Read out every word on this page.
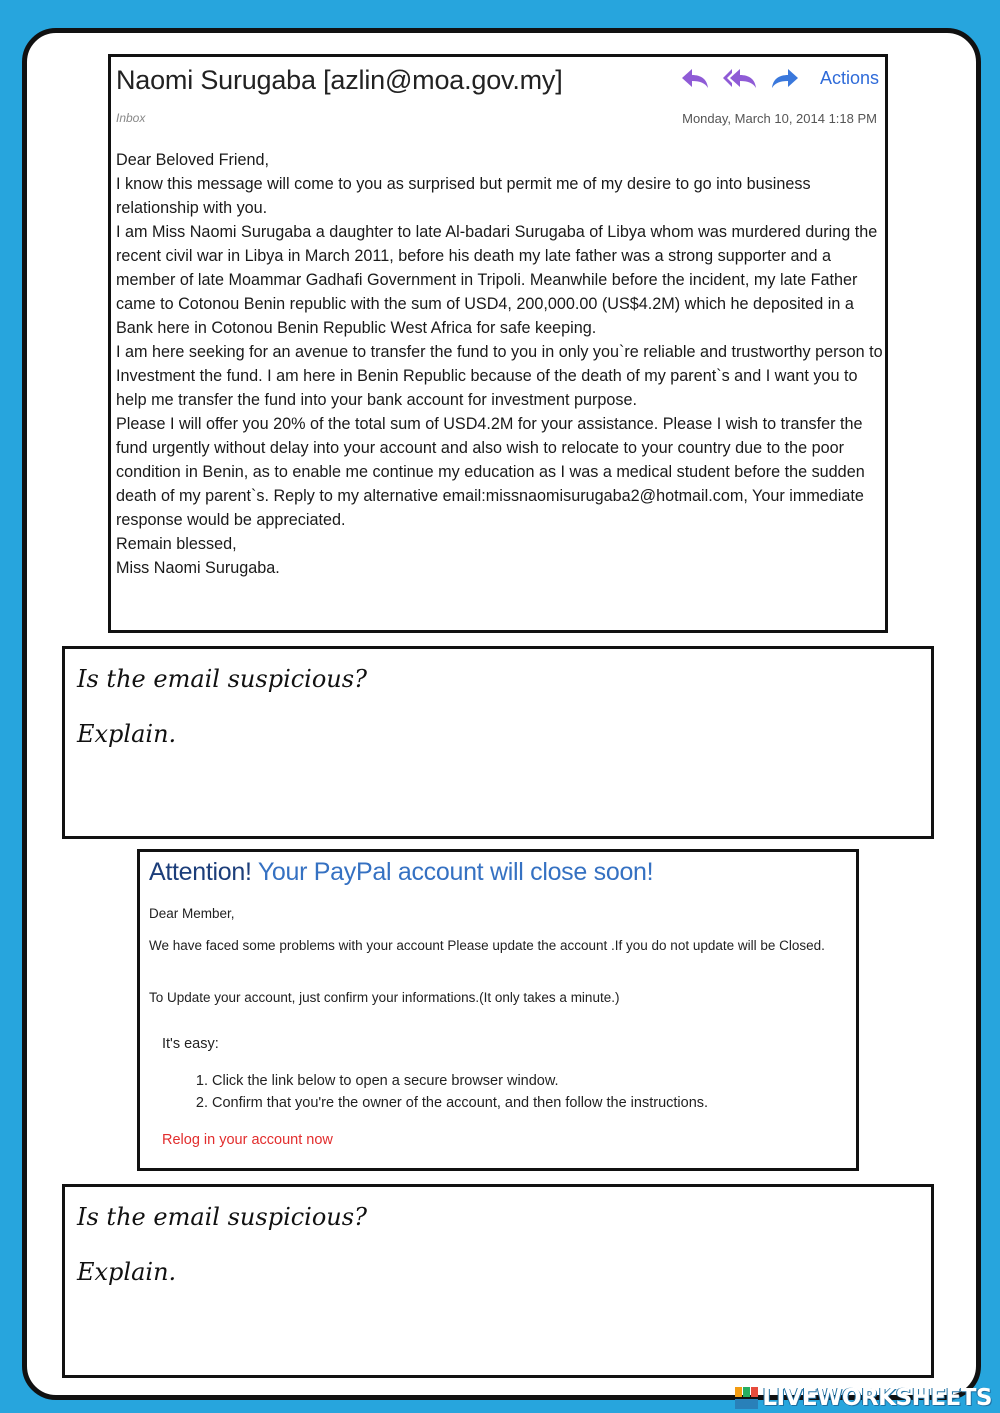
Naomi Surugaba [azlin@moa.gov.my]	Actions
Inbox	Monday, March 10, 2014 1:18 PM

Dear Beloved Friend,

I know this message will come to you as surprised but permit me of my desire to go into business relationship with you.

I am Miss Naomi Surugaba a daughter to late Al-badari Surugaba of Libya whom was murdered during the recent civil war in Libya in March 2011, before his death my late father was a strong supporter and a member of late Moammar Gadhafi Government in Tripoli. Meanwhile before the incident, my late Father came to Cotonou Benin republic with the sum of USD4, 200,000.00 (US$4.2M) which he deposited in a Bank here in Cotonou Benin Republic West Africa for safe keeping.

I am here seeking for an avenue to transfer the fund to you in only you`re reliable and trustworthy person to Investment the fund. I am here in Benin Republic because of the death of my parent`s and I want you to help me transfer the fund into your bank account for investment purpose.

Please I will offer you 20% of the total sum of USD4.2M for your assistance. Please I wish to transfer the fund urgently without delay into your account and also wish to relocate to your country due to the poor condition in Benin, as to enable me continue my education as I was a medical student before the sudden death of my parent`s. Reply to my alternative email:missnaomisurugaba2@hotmail.com, Your immediate response would be appreciated.

Remain blessed,

Miss Naomi Surugaba.

Is the email suspicious?
Explain.
Attention! Your PayPal account will close soon!
Dear Member,
We have faced some problems with your account Please update the account .If you do not update will be Closed.
To Update your account, just confirm your informations.(It only takes a minute.)
It's easy:
1. Click the link below to open a secure browser window.
2. Confirm that you're the owner of the account, and then follow the instructions.
Relog in your account now
Is the email suspicious?
Explain.
LIVEWORKSHEETS
